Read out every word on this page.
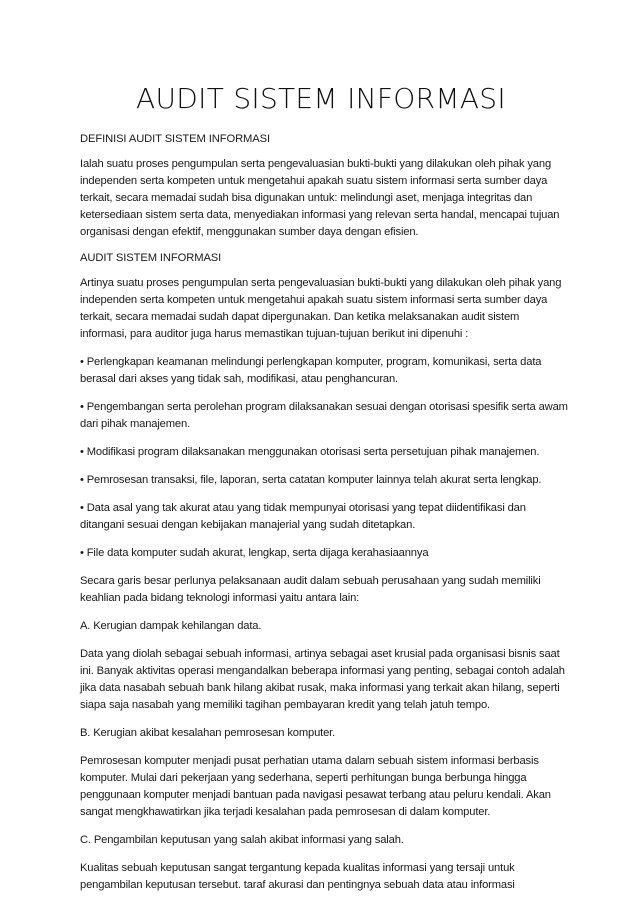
AUDIT SISTEM INFORMASI

DEFINISI AUDIT SISTEM INFORMASI

Ialah suatu proses pengumpulan serta pengevaluasian bukti-bukti yang dilakukan oleh pihak yang
independen serta kompeten untuk mengetahui apakah suatu sistem informasi serta sumber daya
terkait, secara memadai sudah bisa digunakan untuk: melindungi aset, menjaga integritas dan
ketersediaan sistem serta data, menyediakan informasi yang relevan serta handal, mencapai tujuan
organisasi dengan efektif, menggunakan sumber daya dengan efisien.

AUDIT SISTEM INFORMASI

Artinya suatu proses pengumpulan serta pengevaluasian bukti-bukti yang dilakukan oleh pihak yang
independen serta kompeten untuk mengetahui apakah suatu sistem informasi serta sumber daya
terkait, secara memadai sudah dapat dipergunakan. Dan ketika melaksanakan audit sistem
informasi, para auditor juga harus memastikan tujuan-tujuan berikut ini dipenuhi :

• Perlengkapan keamanan melindungi perlengkapan komputer, program, komunikasi, serta data
berasal dari akses yang tidak sah, modifikasi, atau penghancuran.

• Pengembangan serta perolehan program dilaksanakan sesuai dengan otorisasi spesifik serta awam
dari pihak manajemen.

• Modifikasi program dilaksanakan menggunakan otorisasi serta persetujuan pihak manajemen.

• Pemrosesan transaksi, file, laporan, serta catatan komputer lainnya telah akurat serta lengkap.

• Data asal yang tak akurat atau yang tidak mempunyai otorisasi yang tepat diidentifikasi dan
ditangani sesuai dengan kebijakan manajerial yang sudah ditetapkan.

• File data komputer sudah akurat, lengkap, serta dijaga kerahasiaannya

Secara garis besar perlunya pelaksanaan audit dalam sebuah perusahaan yang sudah memiliki
keahlian pada bidang teknologi informasi yaitu antara lain:

A. Kerugian dampak kehilangan data.

Data yang diolah sebagai sebuah informasi, artinya sebagai aset krusial pada organisasi bisnis saat
ini. Banyak aktivitas operasi mengandalkan beberapa informasi yang penting, sebagai contoh adalah
jika data nasabah sebuah bank hilang akibat rusak, maka informasi yang terkait akan hilang, seperti
siapa saja nasabah yang memiliki tagihan pembayaran kredit yang telah jatuh tempo.

B. Kerugian akibat kesalahan pemrosesan komputer.

Pemrosesan komputer menjadi pusat perhatian utama dalam sebuah sistem informasi berbasis
komputer. Mulai dari pekerjaan yang sederhana, seperti perhitungan bunga berbunga hingga
penggunaan komputer menjadi bantuan pada navigasi pesawat terbang atau peluru kendali. Akan
sangat mengkhawatirkan jika terjadi kesalahan pada pemrosesan di dalam komputer.

C. Pengambilan keputusan yang salah akibat informasi yang salah.

Kualitas sebuah keputusan sangat tergantung kepada kualitas informasi yang tersaji untuk
pengambilan keputusan tersebut. taraf akurasi dan pentingnya sebuah data atau informasi
